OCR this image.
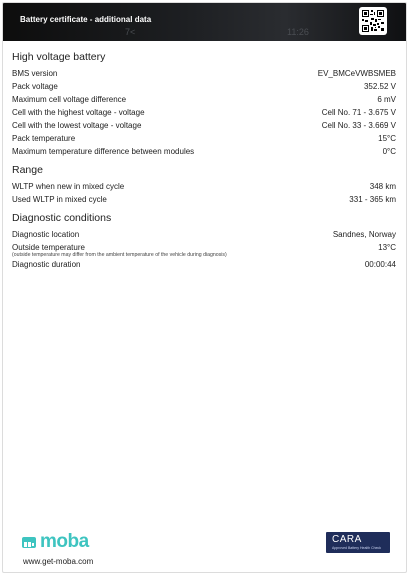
7<	11:26
Battery certificate - additional data
High voltage battery
BMS version	EV_BMCeVWBSMEB
Pack voltage	352.52 V
Maximum cell voltage difference	6 mV
Cell with the highest voltage - voltage	Cell No. 71 - 3.675 V
Cell with the lowest voltage - voltage	Cell No. 33 - 3.669 V
Pack temperature	15°C
Maximum temperature difference between modules	0°C
Range
WLTP when new in mixed cycle	348 km
Used WLTP in mixed cycle	331 - 365 km
Diagnostic conditions
Diagnostic location	Sandnes, Norway
Outside temperature	13°C
(outside temperature may differ from the ambient temperature of the vehicle during diagnosis)
Diagnostic duration	00:00:44
moba
www.get-moba.com
CARA
Approved Battery Health Check
